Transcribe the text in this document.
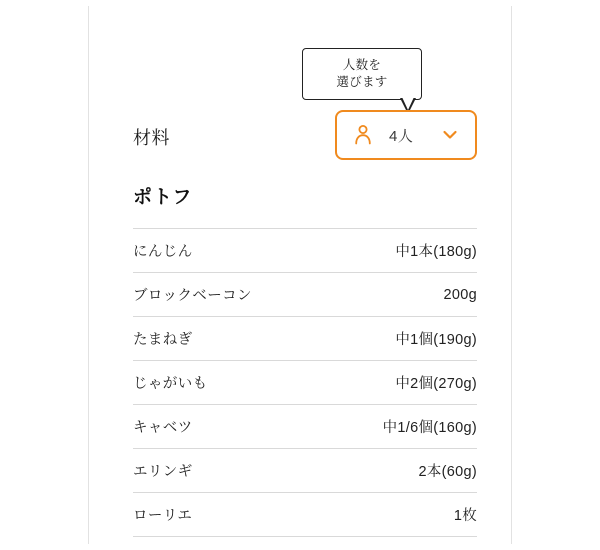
人数を
選びます
材料	4人
ポトフ
にんじん	中1本(180g)
ブロックベーコン	200g
たまねぎ	中1個(190g)
じゃがいも	中2個(270g)
キャベツ	中1/6個(160g)
エリンギ	2本(60g)
ローリエ	1枚
